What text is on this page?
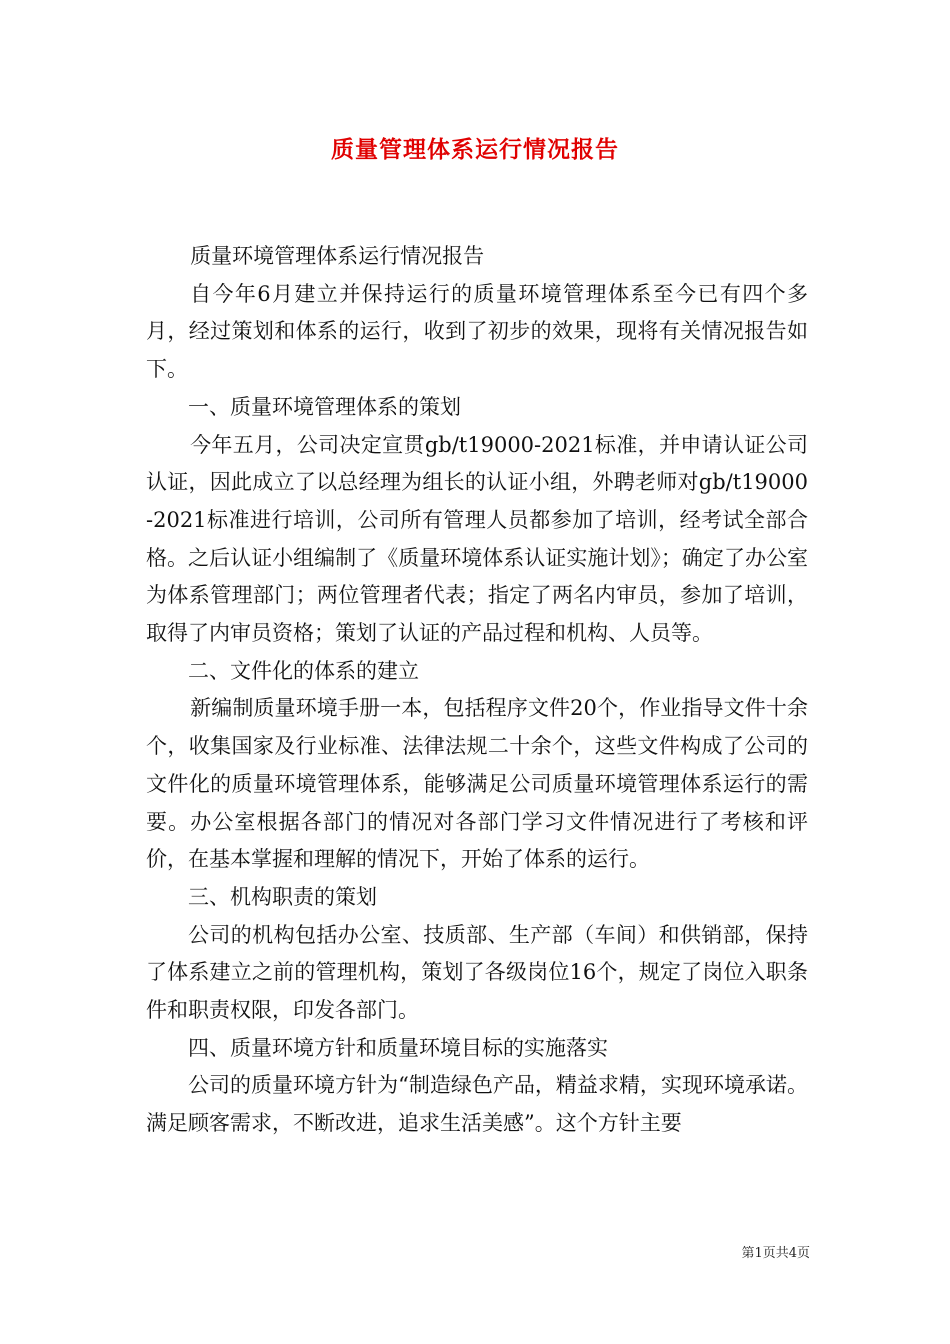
质量管理体系运行情况报告

质量环境管理体系运行情况报告

自今年6月建立并保持运行的质量环境管理体系至今已有四个多月，经过策划和体系的运行，收到了初步的效果，现将有关情况报告如下。

一、质量环境管理体系的策划

今年五月，公司决定宣贯gb/t19000-2021标准，并申请认证公司认证，因此成立了以总经理为组长的认证小组，外聘老师对gb/t19000-2021标准进行培训，公司所有管理人员都参加了培训，经考试全部合格。之后认证小组编制了《质量环境体系认证实施计划》；确定了办公室为体系管理部门；两位管理者代表；指定了两名内审员，参加了培训，取得了内审员资格；策划了认证的产品过程和机构、人员等。

二、文件化的体系的建立

新编制质量环境手册一本，包括程序文件20个，作业指导文件十余个，收集国家及行业标准、法律法规二十余个，这些文件构成了公司的文件化的质量环境管理体系，能够满足公司质量环境管理体系运行的需要。办公室根据各部门的情况对各部门学习文件情况进行了考核和评价，在基本掌握和理解的情况下，开始了体系的运行。

三、机构职责的策划

公司的机构包括办公室、技质部、生产部（车间）和供销部，保持了体系建立之前的管理机构，策划了各级岗位16个，规定了岗位入职条件和职责权限，印发各部门。

四、质量环境方针和质量环境目标的实施落实

公司的质量环境方针为“制造绿色产品，精益求精，实现环境承诺。满足顾客需求，不断改进，追求生活美感”。这个方针主要

第1页共4页
